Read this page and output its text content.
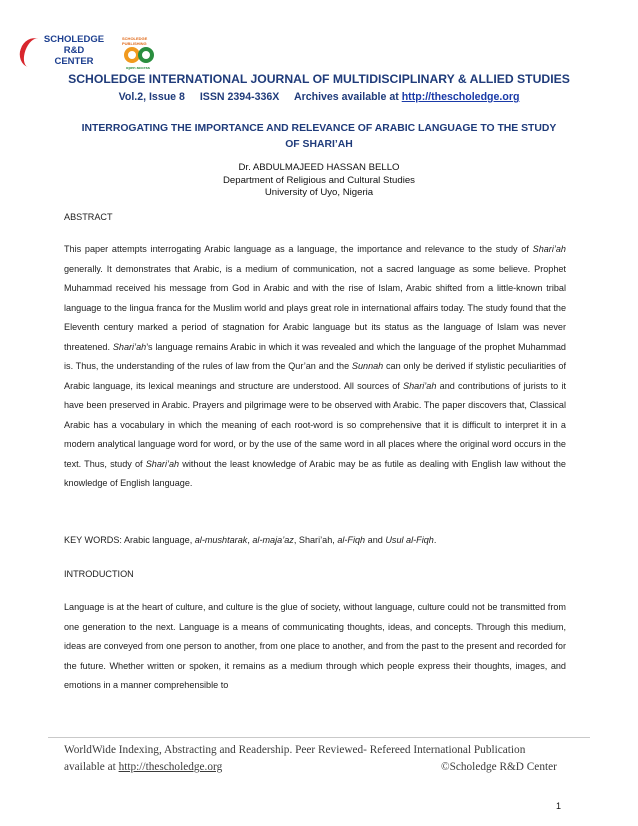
SCHOLEDGE
R&D
CENTER
SCHOLEDGE PUBLISHING
open access
SCHOLEDGE INTERNATIONAL JOURNAL OF MULTIDISCIPLINARY & ALLIED STUDIES
Vol.2, Issue 8 ISSN 2394-336X Archives available at http://thescholedge.org
INTERROGATING THE IMPORTANCE AND RELEVANCE OF ARABIC LANGUAGE TO THE STUDY OF SHARI’AH
Dr. ABDULMAJEED HASSAN BELLO
Department of Religious and Cultural Studies
University of Uyo, Nigeria
ABSTRACT
This paper attempts interrogating Arabic language as a language, the importance and relevance to the study of Shari’ah generally. It demonstrates that Arabic, is a medium of communication, not a sacred language as some believe. Prophet Muhammad received his message from God in Arabic and with the rise of Islam, Arabic shifted from a little-known tribal language to the lingua franca for the Muslim world and plays great role in international affairs today. The study found that the Eleventh century marked a period of stagnation for Arabic language but its status as the language of Islam was never threatened. Shari’ah’s language remains Arabic in which it was revealed and which the language of the prophet Muhammad is. Thus, the understanding of the rules of law from the Qur’an and the Sunnah can only be derived if stylistic peculiarities of Arabic language, its lexical meanings and structure are understood. All sources of Shari’ah and contributions of jurists to it have been preserved in Arabic. Prayers and pilgrimage were to be observed with Arabic. The paper discovers that, Classical Arabic has a vocabulary in which the meaning of each root-word is so comprehensive that it is difficult to interpret it in a modern analytical language word for word, or by the use of the same word in all places where the original word occurs in the text. Thus, study of Shari’ah without the least knowledge of Arabic may be as futile as dealing with English law without the knowledge of English language.
KEY WORDS: Arabic language, al-mushtarak, al-maja’az, Shari’ah, al-Fiqh and Usul al-Fiqh.
INTRODUCTION
Language is at the heart of culture, and culture is the glue of society, without language, culture could not be transmitted from one generation to the next. Language is a means of communicating thoughts, ideas, and concepts. Through this medium, ideas are conveyed from one person to another, from one place to another, and from the past to the present and recorded for the future. Whether written or spoken, it remains as a medium through which people express their thoughts, images, and emotions in a manner comprehensible to
WorldWide Indexing, Abstracting and Readership. Peer Reviewed- Refereed International Publication
available at http://thescholedge.org	©Scholedge R&D Center
1
